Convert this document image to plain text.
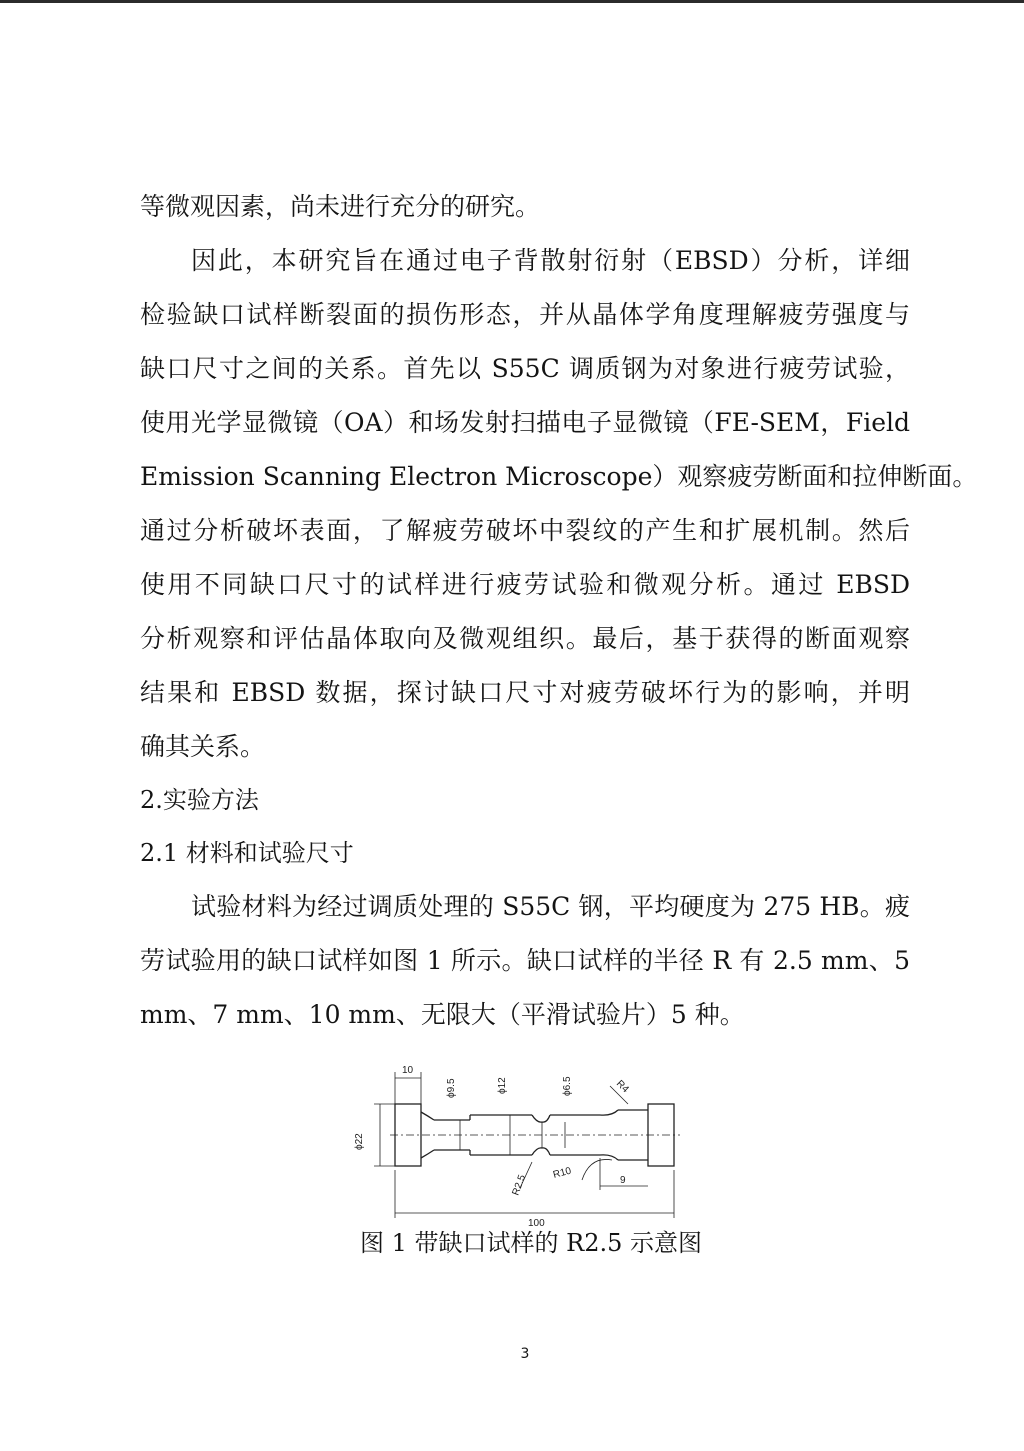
等微观因素，尚未进行充分的研究。
因此，本研究旨在通过电子背散射衍射（EBSD）分析，详细
检验缺口试样断裂面的损伤形态，并从晶体学角度理解疲劳强度与
缺口尺寸之间的关系。首先以 S55C 调质钢为对象进行疲劳试验，
使用光学显微镜（OA）和场发射扫描电子显微镜（FE-SEM，Field
Emission Scanning Electron Microscope）观察疲劳断面和拉伸断面。
通过分析破坏表面，了解疲劳破坏中裂纹的产生和扩展机制。然后
使用不同缺口尺寸的试样进行疲劳试验和微观分析。通过 EBSD
分析观察和评估晶体取向及微观组织。最后，基于获得的断面观察
结果和 EBSD 数据，探讨缺口尺寸对疲劳破坏行为的影响，并明
确其关系。
2.实验方法
2.1 材料和试验尺寸
试验材料为经过调质处理的 S55C 钢，平均硬度为 275 HB。疲
劳试验用的缺口试样如图 1 所示。缺口试样的半径 R 有 2.5 mm、5
mm、7 mm、10 mm、无限大（平滑试验片）5 种。
10
ϕ9.5	ϕ12	ϕ6.5	R4
ϕ22
R2.5
R10	9
100
图 1 带缺口试样的 R2.5 示意图
3
